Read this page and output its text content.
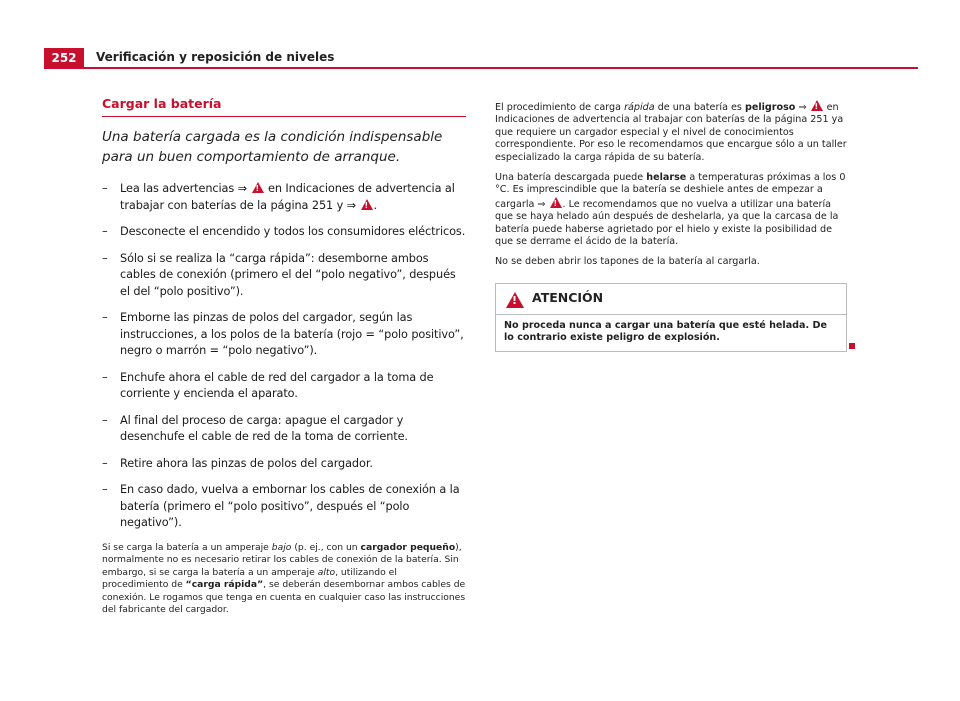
252	Verificación y reposición de niveles
Cargar la batería
Una batería cargada es la condición indispensable para un buen comportamiento de arranque.
– Lea las advertencias ⇒ ! en Indicaciones de advertencia al trabajar con baterías de la página 251 y ⇒ !.
– Desconecte el encendido y todos los consumidores eléctricos.
– Sólo si se realiza la “carga rápida”: desemborne ambos cables de conexión (primero el del “polo negativo”, después el del “polo positivo”).
– Emborne las pinzas de polos del cargador, según las instrucciones, a los polos de la batería (rojo = “polo positivo”, negro o marrón = “polo negativo”).
– Enchufe ahora el cable de red del cargador a la toma de corriente y encienda el aparato.
– Al final del proceso de carga: apague el cargador y desenchufe el cable de red de la toma de corriente.
– Retire ahora las pinzas de polos del cargador.
– En caso dado, vuelva a embornar los cables de conexión a la batería (primero el “polo positivo”, después el “polo negativo”).
Si se carga la batería a un amperaje bajo (p. ej., con un cargador pequeño), normalmente no es necesario retirar los cables de conexión de la batería. Sin embargo, si se carga la batería a un amperaje alto, utilizando el procedimiento de “carga rápida”, se deberán desembornar ambos cables de conexión. Le rogamos que tenga en cuenta en cualquier caso las instrucciones del fabricante del cargador.

El procedimiento de carga rápida de una batería es peligroso ⇒ ! en Indicaciones de advertencia al trabajar con baterías de la página 251 ya que requiere un cargador especial y el nivel de conocimientos correspondiente. Por eso le recomendamos que encargue sólo a un taller especializado la carga rápida de su batería.

Una batería descargada puede helarse a temperaturas próximas a los 0 °C. Es imprescindible que la batería se deshiele antes de empezar a cargarla ⇒ !. Le recomendamos que no vuelva a utilizar una batería que se haya helado aún después de deshelarla, ya que la carcasa de la batería puede haberse agrietado por el hielo y existe la posibilidad de que se derrame el ácido de la batería.

No se deben abrir los tapones de la batería al cargarla.

!
ATENCIÓN
No proceda nunca a cargar una batería que esté helada. De lo contrario existe peligro de explosión.
